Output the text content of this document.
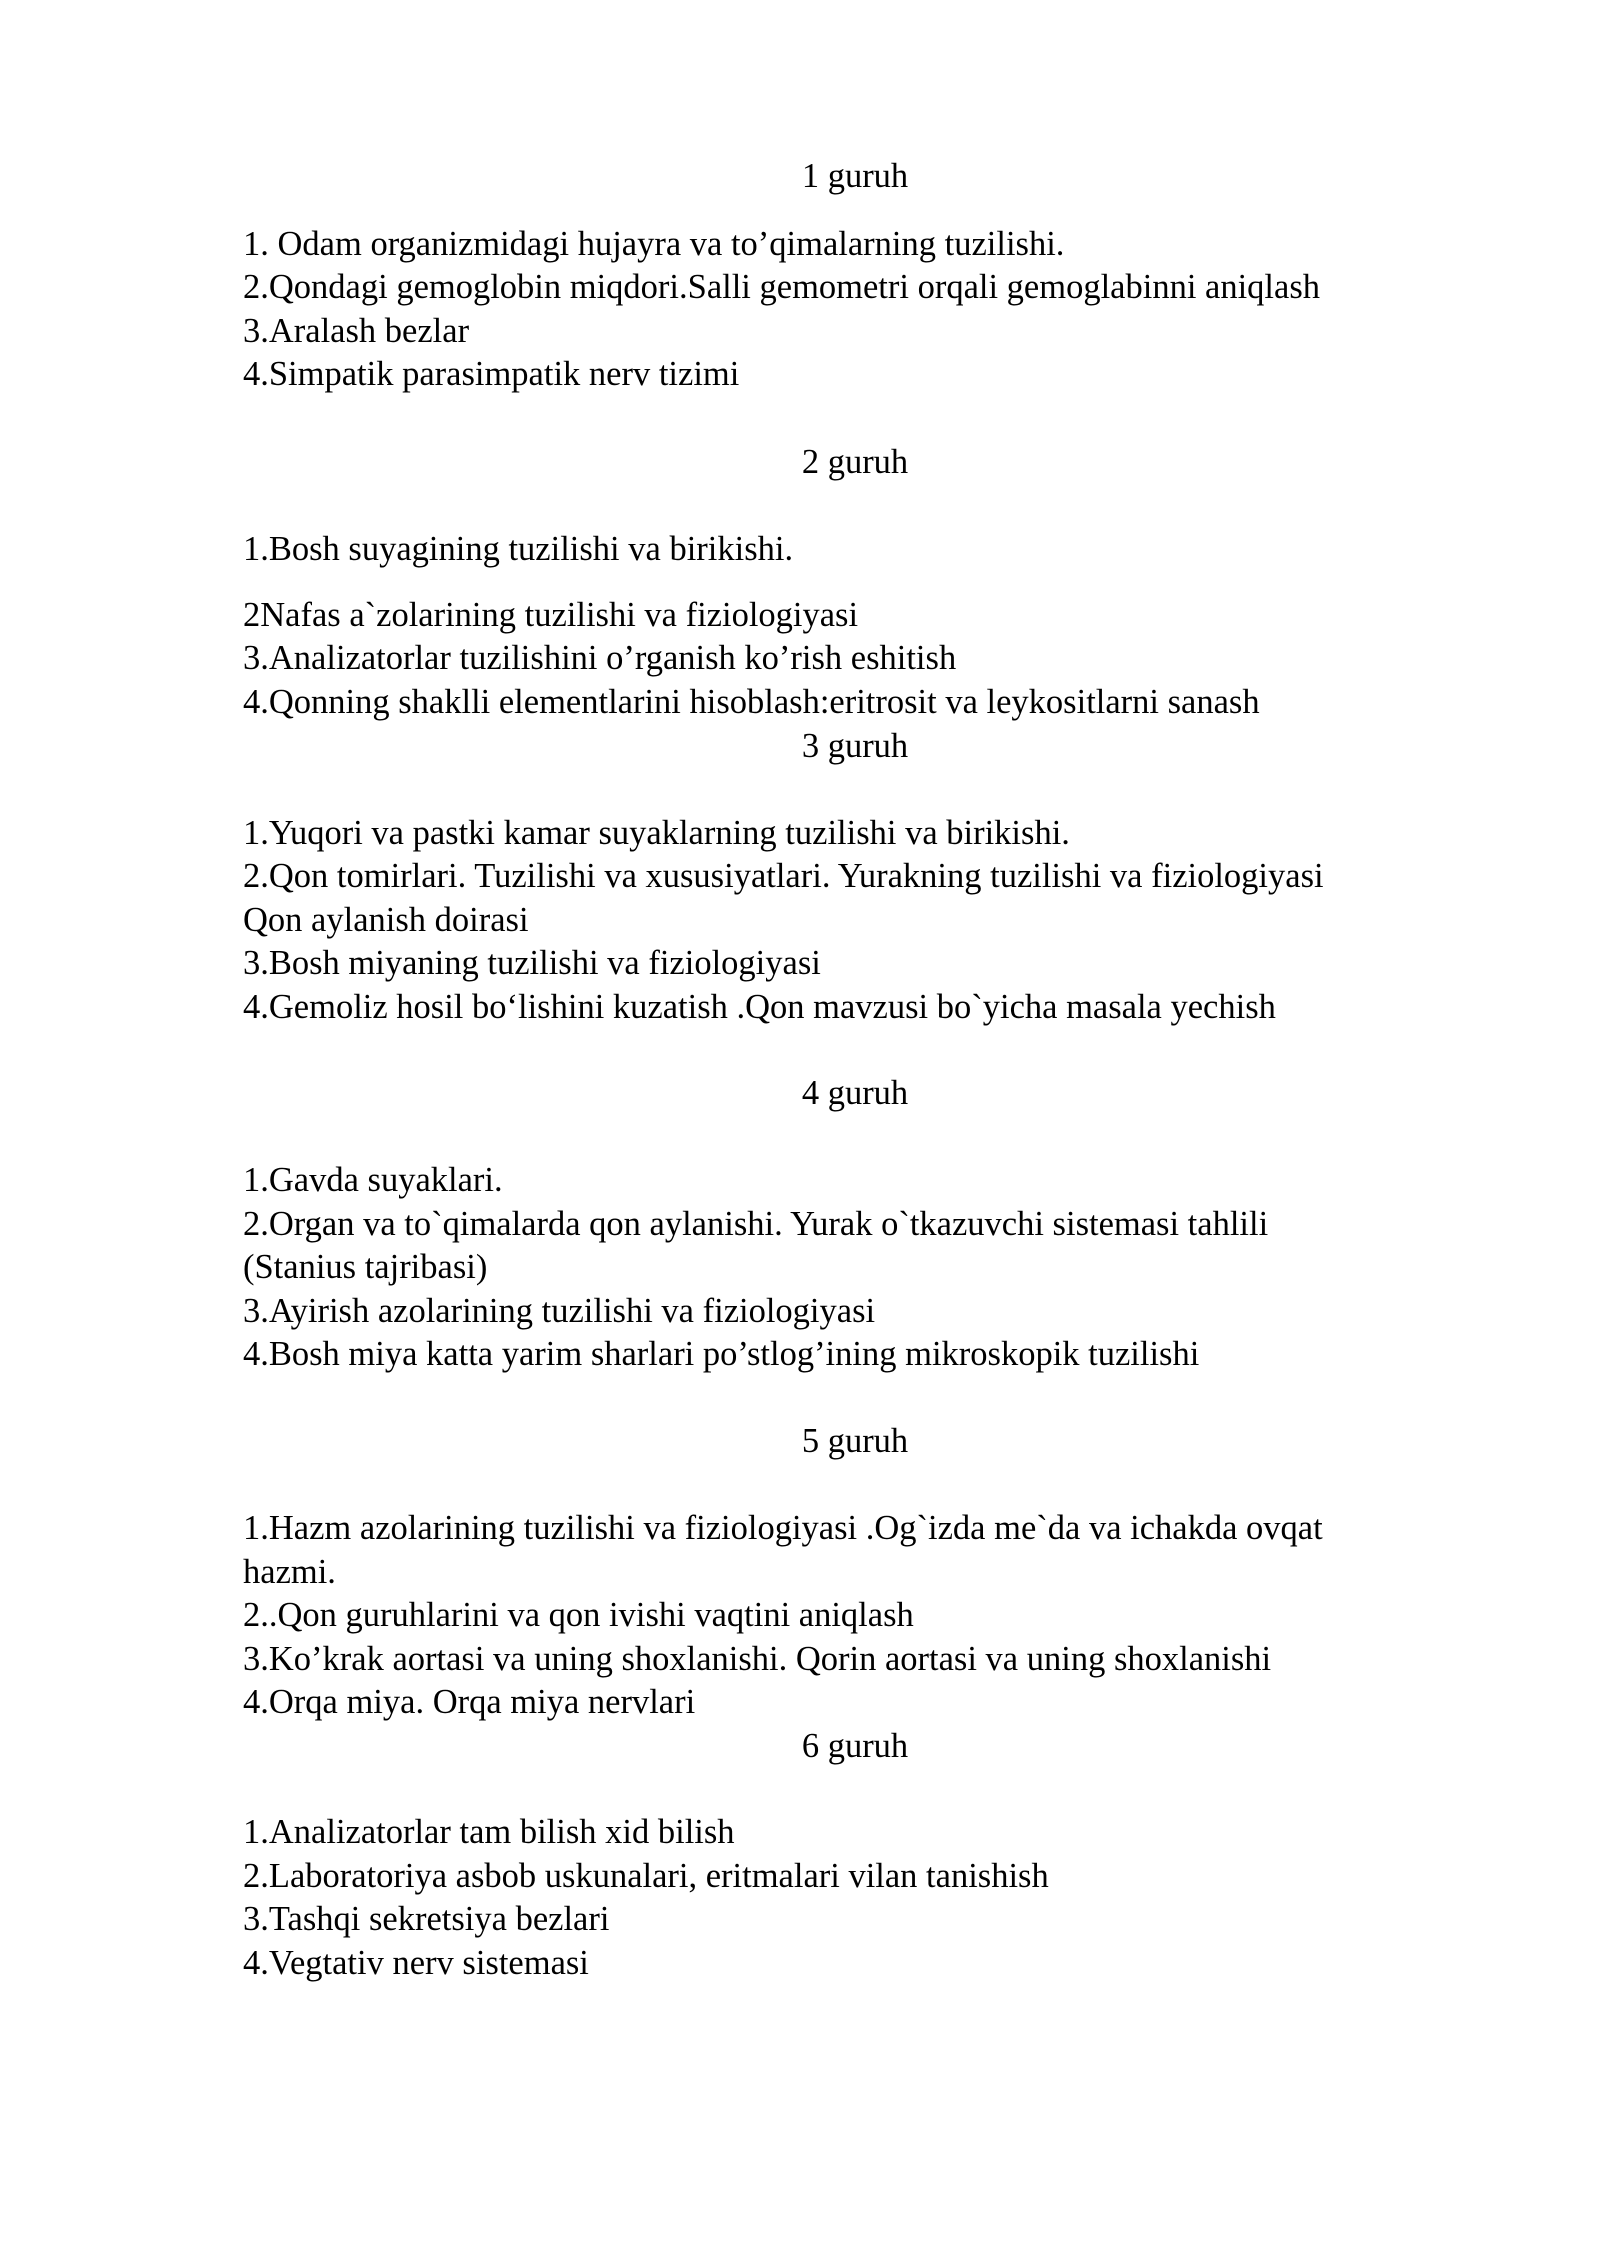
1 guruh
1. Odam organizmidagi hujayra va to’qimalarning tuzilishi.
2.Qondagi gemoglobin miqdori.Salli gemometri orqali gemoglabinni aniqlash
3.Aralash bezlar
4.Simpatik parasimpatik nerv tizimi
2 guruh
1.Bosh suyagining tuzilishi va birikishi.
2Nafas a`zolarining tuzilishi va fiziologiyasi
3.Analizatorlar tuzilishini o’rganish ko’rish eshitish
4.Qonning shaklli elementlarini hisoblash:eritrosit va leykositlarni sanash
3 guruh
1.Yuqori va pastki kamar suyaklarning tuzilishi va birikishi.
2.Qon tomirlari. Tuzilishi va xususiyatlari. Yurakning tuzilishi va fiziologiyasi
Qon aylanish doirasi
3.Bosh miyaning tuzilishi va fiziologiyasi
4.Gemoliz hosil bo‘lishini kuzatish .Qon mavzusi bo`yicha masala yechish
4 guruh
1.Gavda suyaklari.
2.Organ va to`qimalarda qon aylanishi. Yurak o`tkazuvchi sistemasi tahlili
(Stanius tajribasi)
3.Ayirish azolarining tuzilishi va fiziologiyasi
4.Bosh miya katta yarim sharlari po’stlog’ining mikroskopik tuzilishi
5 guruh
1.Hazm azolarining tuzilishi va fiziologiyasi .Og`izda me`da va ichakda ovqat
hazmi.
2..Qon guruhlarini va qon ivishi vaqtini aniqlash
3.Ko’krak aortasi va uning shoxlanishi. Qorin aortasi va uning shoxlanishi
4.Orqa miya. Orqa miya nervlari
6 guruh
1.Analizatorlar tam bilish xid bilish
2.Laboratoriya asbob uskunalari, eritmalari vilan tanishish
3.Tashqi sekretsiya bezlari
4.Vegtativ nerv sistemasi
